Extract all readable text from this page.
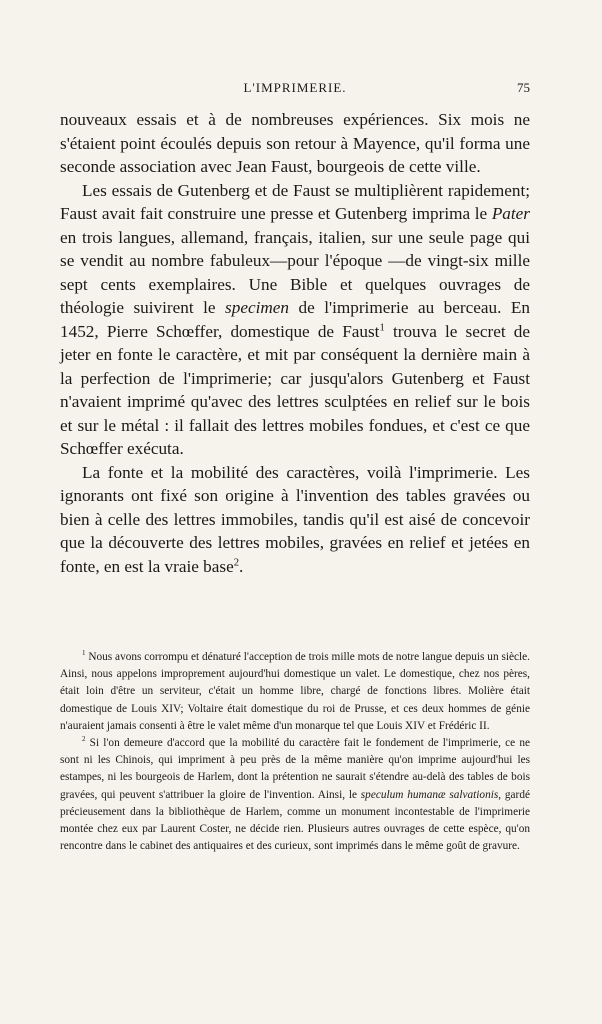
L'IMPRIMERIE.	75

nouveaux essais et à de nombreuses expériences. Six mois ne s'étaient point écoulés depuis son retour à Mayence, qu'il forma une seconde association avec Jean Faust, bourgeois de cette ville.

Les essais de Gutenberg et de Faust se multiplièrent rapidement; Faust avait fait construire une presse et Gutenberg imprima le Pater en trois langues, allemand, français, italien, sur une seule page qui se vendit au nombre fabuleux—pour l'époque —de vingt-six mille sept cents exemplaires. Une Bible et quelques ouvrages de théologie suivirent le specimen de l'imprimerie au berceau. En 1452, Pierre Schœffer, domestique de Faust$^1$ trouva le secret de jeter en fonte le caractère, et mit par conséquent la dernière main à la perfection de l'imprimerie; car jusqu'alors Gutenberg et Faust n'avaient imprimé qu'avec des lettres sculptées en relief sur le bois et sur le métal : il fallait des lettres mobiles fondues, et c'est ce que Schœffer exécuta.

La fonte et la mobilité des caractères, voilà l'imprimerie. Les ignorants ont fixé son origine à l'invention des tables gravées ou bien à celle des lettres immobiles, tandis qu'il est aisé de concevoir que la découverte des lettres mobiles, gravées en relief et jetées en fonte, en est la vraie base$^2$.

$^1$ Nous avons corrompu et dénaturé l'acception de trois mille mots de notre langue depuis un siècle. Ainsi, nous appelons improprement aujourd'hui domestique un valet. Le domestique, chez nos pères, était loin d'être un serviteur, c'était un homme libre, chargé de fonctions libres. Molière était domestique de Louis XIV; Voltaire était domestique du roi de Prusse, et ces deux hommes de génie n'auraient jamais consenti à être le valet même d'un monarque tel que Louis XIV et Frédéric II.

$^2$ Si l'on demeure d'accord que la mobilité du caractère fait le fondement de l'imprimerie, ce ne sont ni les Chinois, qui impriment à peu près de la même manière qu'on imprime aujourd'hui les estampes, ni les bourgeois de Harlem, dont la prétention ne saurait s'étendre au-delà des tables de bois gravées, qui peuvent s'attribuer la gloire de l'invention. Ainsi, le speculum humanæ salvationis, gardé précieusement dans la bibliothèque de Harlem, comme un monument incontestable de l'imprimerie montée chez eux par Laurent Coster, ne décide rien. Plusieurs autres ouvrages de cette espèce, qu'on rencontre dans le cabinet des antiquaires et des curieux, sont imprimés dans le même goût de gravure.
